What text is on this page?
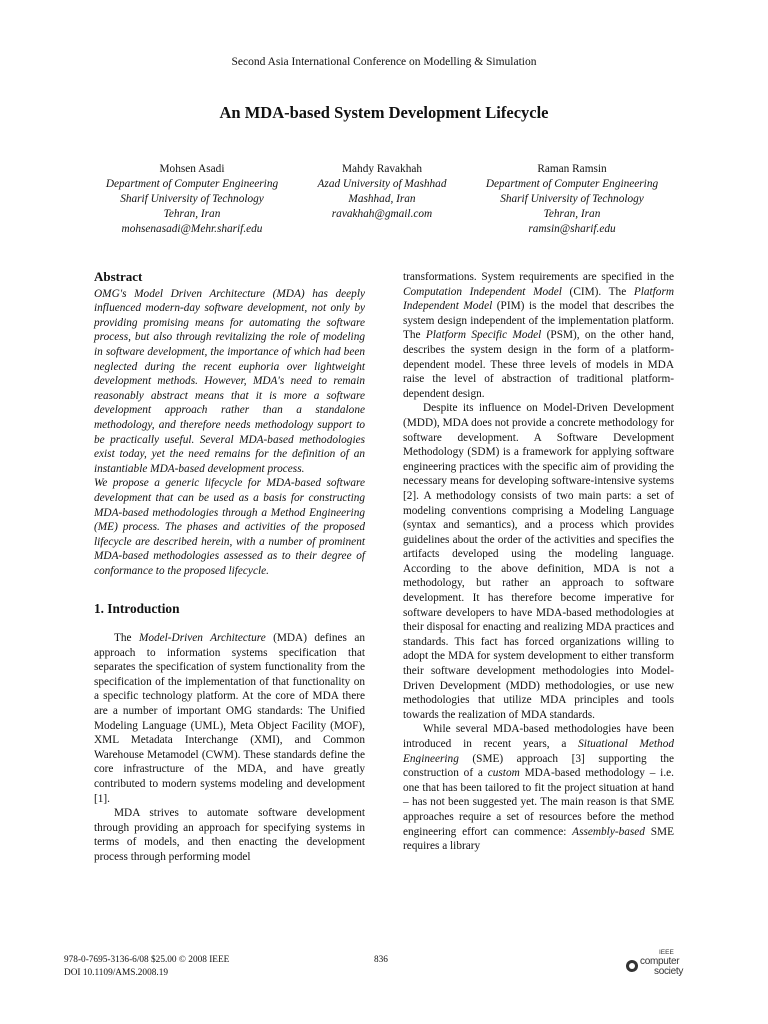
Second Asia International Conference on Modelling & Simulation
An MDA-based System Development Lifecycle
Mohsen Asadi
Department of Computer Engineering
Sharif University of Technology
Tehran, Iran
mohsenasadi@Mehr.sharif.edu
Mahdy Ravakhah
Azad University of Mashhad
Mashhad, Iran
ravakhah@gmail.com
Raman Ramsin
Department of Computer Engineering
Sharif University of Technology
Tehran, Iran
ramsin@sharif.edu
Abstract

OMG's Model Driven Architecture (MDA) has deeply influenced modern-day software development, not only by providing promising means for automating the software process, but also through revitalizing the role of modeling in software development, the importance of which had been neglected during the recent euphoria over lightweight development methods. However, MDA's need to remain reasonably abstract means that it is more a software development approach rather than a standalone methodology, and therefore needs methodology support to be practically useful. Several MDA-based methodologies exist today, yet the need remains for the definition of an instantiable MDA-based development process.

We propose a generic lifecycle for MDA-based software development that can be used as a basis for constructing MDA-based methodologies through a Method Engineering (ME) process. The phases and activities of the proposed lifecycle are described herein, with a number of prominent MDA-based methodologies assessed as to their degree of conformance to the proposed lifecycle.

1. Introduction

The Model-Driven Architecture (MDA) defines an approach to information systems specification that separates the specification of system functionality from the specification of the implementation of that functionality on a specific technology platform. At the core of MDA there are a number of important OMG standards: The Unified Modeling Language (UML), Meta Object Facility (MOF), XML Metadata Interchange (XMI), and Common Warehouse Metamodel (CWM). These standards define the core infrastructure of the MDA, and have greatly contributed to modern systems modeling and development [1].

MDA strives to automate software development through providing an approach for specifying systems in terms of models, and then enacting the development process through performing model

transformations. System requirements are specified in the Computation Independent Model (CIM). The Platform Independent Model (PIM) is the model that describes the system design independent of the implementation platform. The Platform Specific Model (PSM), on the other hand, describes the system design in the form of a platform-dependent model. These three levels of models in MDA raise the level of abstraction of traditional platform-dependent design.

Despite its influence on Model-Driven Development (MDD), MDA does not provide a concrete methodology for software development. A Software Development Methodology (SDM) is a framework for applying software engineering practices with the specific aim of providing the necessary means for developing software-intensive systems [2]. A methodology consists of two main parts: a set of modeling conventions comprising a Modeling Language (syntax and semantics), and a process which provides guidelines about the order of the activities and specifies the artifacts developed using the modeling language. According to the above definition, MDA is not a methodology, but rather an approach to software development. It has therefore become imperative for software developers to have MDA-based methodologies at their disposal for enacting and realizing MDA practices and standards. This fact has forced organizations willing to adopt the MDA for system development to either transform their software development methodologies into Model-Driven Development (MDD) methodologies, or use new methodologies that utilize MDA principles and tools towards the realization of MDA standards.

While several MDA-based methodologies have been introduced in recent years, a Situational Method Engineering (SME) approach [3] supporting the construction of a custom MDA-based methodology – i.e. one that has been tailored to fit the project situation at hand – has not been suggested yet. The main reason is that SME approaches require a set of resources before the method engineering effort can commence: Assembly-based SME requires a library

978-0-7695-3136-6/08 $25.00 © 2008 IEEE
DOI 10.1109/AMS.2008.19
836
IEEE
computer
society
